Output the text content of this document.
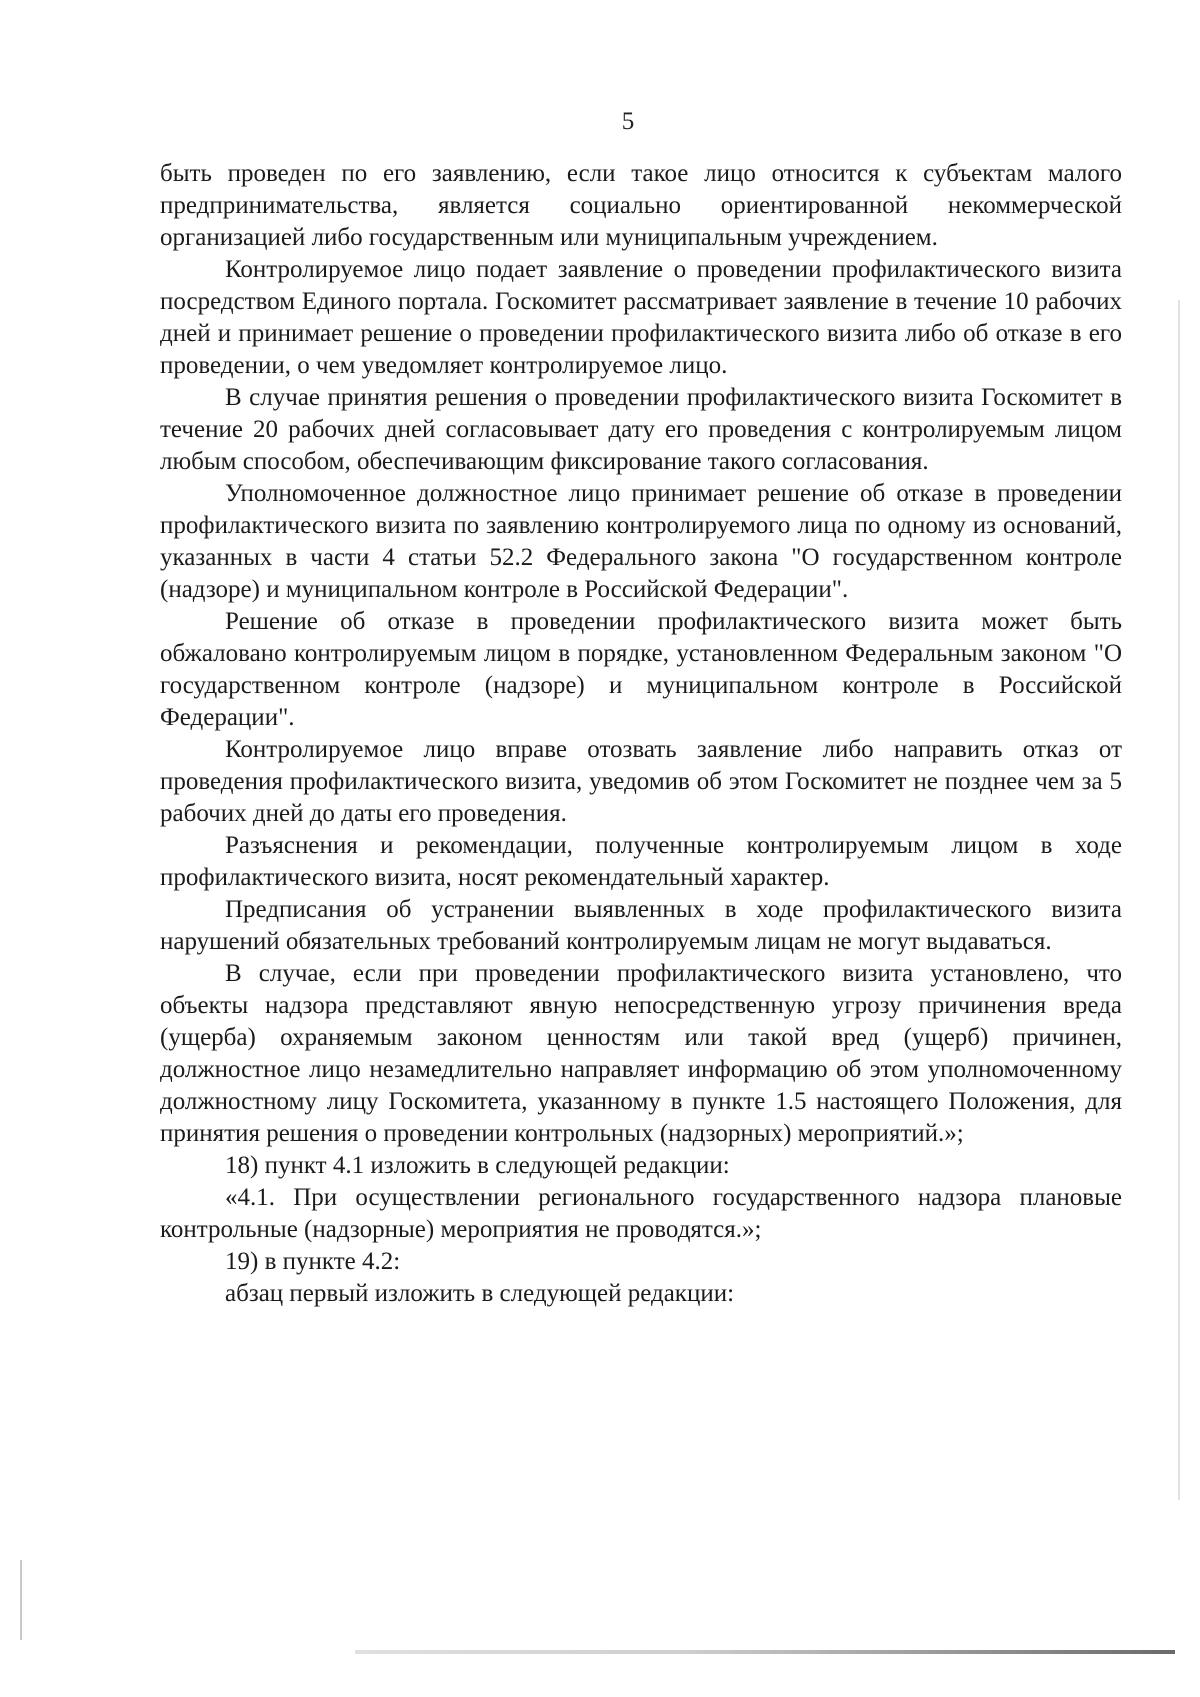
5

быть проведен по его заявлению, если такое лицо относится к субъектам малого предпринимательства, является социально ориентированной некоммерческой организацией либо государственным или муниципальным учреждением.

Контролируемое лицо подает заявление о проведении профилактического визита посредством Единого портала. Госкомитет рассматривает заявление в течение 10 рабочих дней и принимает решение о проведении профилактического визита либо об отказе в его проведении, о чем уведомляет контролируемое лицо.

В случае принятия решения о проведении профилактического визита Госкомитет в течение 20 рабочих дней согласовывает дату его проведения с контролируемым лицом любым способом, обеспечивающим фиксирование такого согласования.

Уполномоченное должностное лицо принимает решение об отказе в проведении профилактического визита по заявлению контролируемого лица по одному из оснований, указанных в части 4 статьи 52.2 Федерального закона "О государственном контроле (надзоре) и муниципальном контроле в Российской Федерации".

Решение об отказе в проведении профилактического визита может быть обжаловано контролируемым лицом в порядке, установленном Федеральным законом "О государственном контроле (надзоре) и муниципальном контроле в Российской Федерации".

Контролируемое лицо вправе отозвать заявление либо направить отказ от проведения профилактического визита, уведомив об этом Госкомитет не позднее чем за 5 рабочих дней до даты его проведения.

Разъяснения и рекомендации, полученные контролируемым лицом в ходе профилактического визита, носят рекомендательный характер.

Предписания об устранении выявленных в ходе профилактического визита нарушений обязательных требований контролируемым лицам не могут выдаваться.

В случае, если при проведении профилактического визита установлено, что объекты надзора представляют явную непосредственную угрозу причинения вреда (ущерба) охраняемым законом ценностям или такой вред (ущерб) причинен, должностное лицо незамедлительно направляет информацию об этом уполномоченному должностному лицу Госкомитета, указанному в пункте 1.5 настоящего Положения, для принятия решения о проведении контрольных (надзорных) мероприятий.»;

18) пункт 4.1 изложить в следующей редакции:

«4.1. При осуществлении регионального государственного надзора плановые контрольные (надзорные) мероприятия не проводятся.»;

19) в пункте 4.2:

абзац первый изложить в следующей редакции:
